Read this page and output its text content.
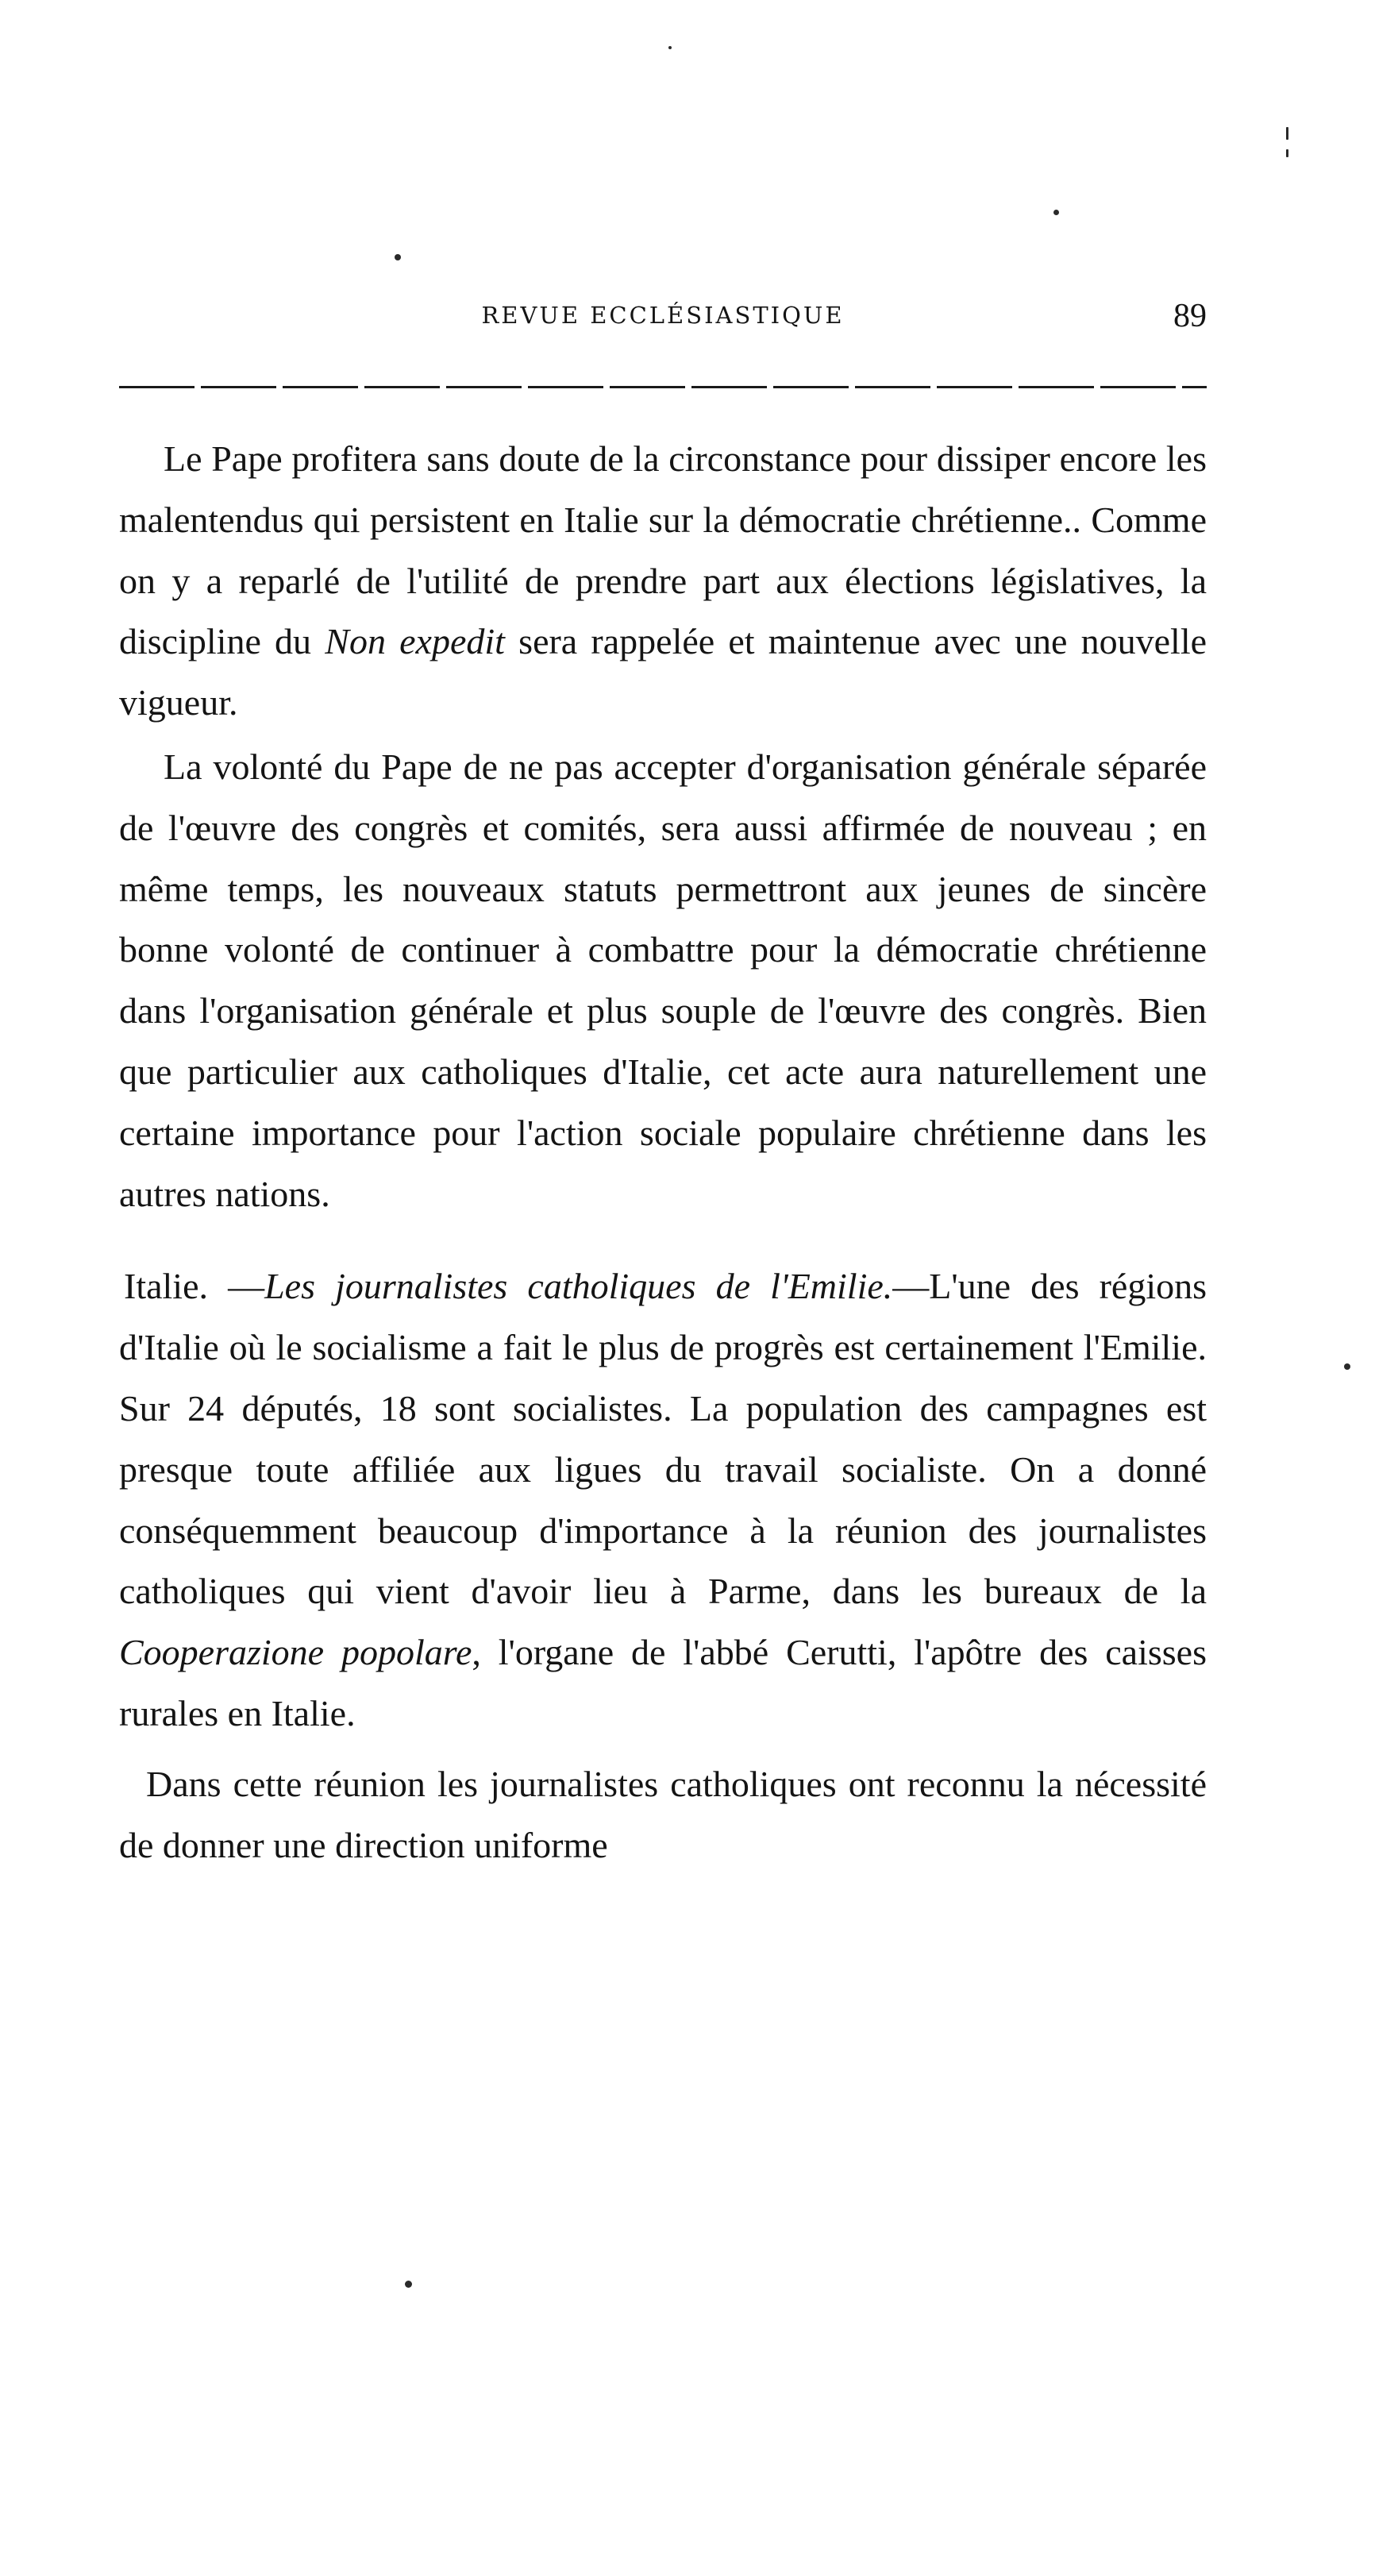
REVUE ECCLÉSIASTIQUE	89

Le Pape profitera sans doute de la circonstance pour dissiper encore les malentendus qui persistent en Italie sur la démocratie chrétienne.. Comme on y a reparlé de l'utilité de prendre part aux élections législatives, la discipline du Non expedit sera rappelée et maintenue avec une nouvelle vigueur.

La volonté du Pape de ne pas accepter d'organisation générale séparée de l'œuvre des congrès et comités, sera aussi affirmée de nouveau ; en même temps, les nouveaux statuts permettront aux jeunes de sincère bonne volonté de continuer à combattre pour la démocratie chrétienne dans l'organisation générale et plus souple de l'œuvre des congrès. Bien que particulier aux catholiques d'Italie, cet acte aura naturellement une certaine importance pour l'action sociale populaire chrétienne dans les autres nations.

Italie. —Les journalistes catholiques de l'Emilie.—L'une des régions d'Italie où le socialisme a fait le plus de progrès est certainement l'Emilie. Sur 24 députés, 18 sont socialistes. La population des campagnes est presque toute affiliée aux ligues du travail socialiste. On a donné conséquemment beaucoup d'importance à la réunion des journalistes catholiques qui vient d'avoir lieu à Parme, dans les bureaux de la Cooperazione popolare, l'organe de l'abbé Cerutti, l'apôtre des caisses rurales en Italie.

Dans cette réunion les journalistes catholiques ont reconnu la nécessité de donner une direction uniforme
